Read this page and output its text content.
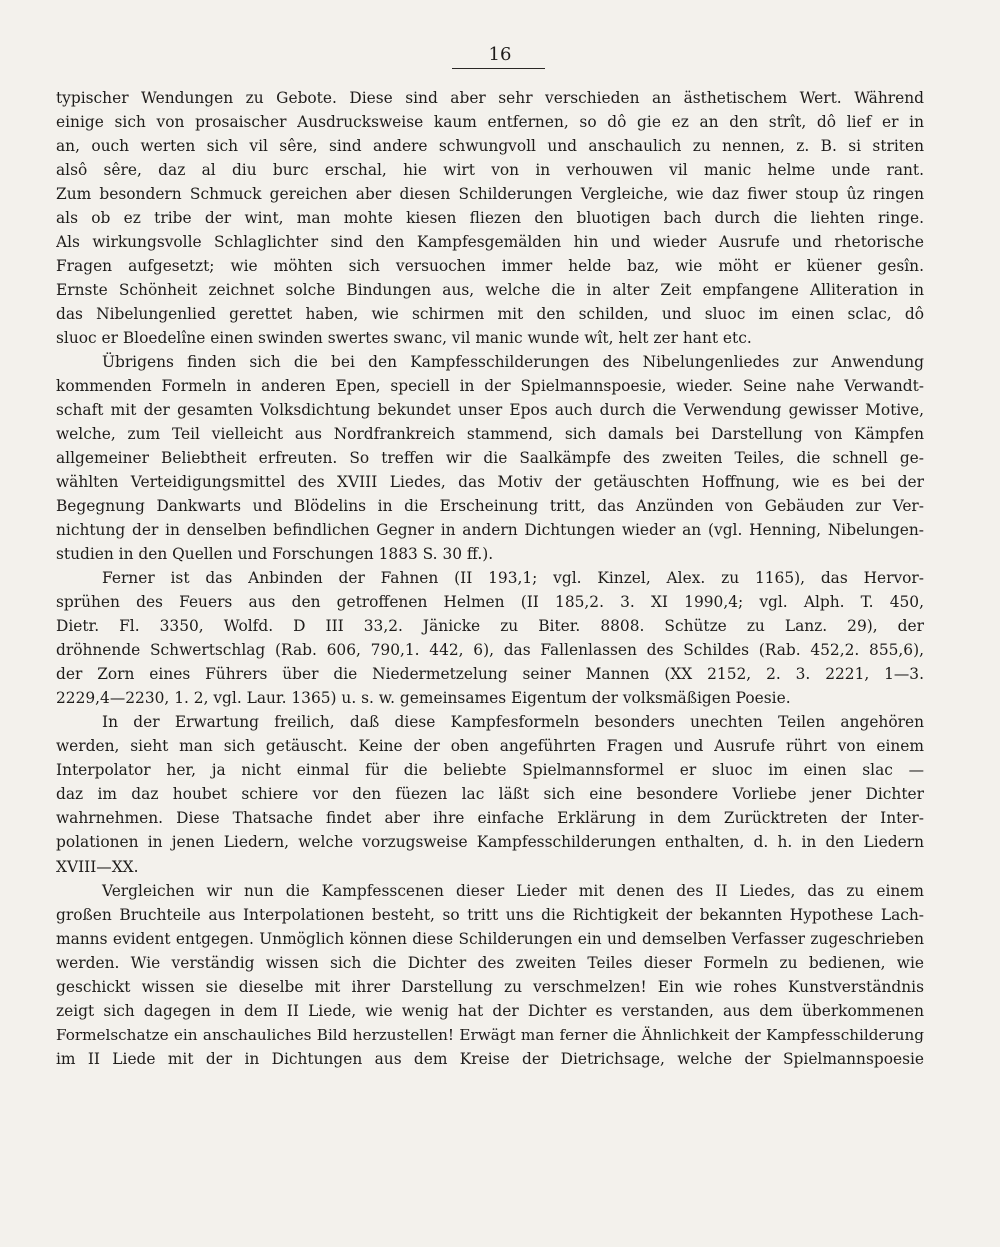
16
typischer Wendungen zu Gebote. Diese sind aber sehr verschieden an ästhetischem Wert. Während
einige sich von prosaischer Ausdrucksweise kaum entfernen, so dô gie ez an den strît, dô lief er in
an, ouch werten sich vil sêre, sind andere schwungvoll und anschaulich zu nennen, z. B. si striten
alsô sêre, daz al diu burc erschal, hie wirt von in verhouwen vil manic helme unde rant.
Zum besondern Schmuck gereichen aber diesen Schilderungen Vergleiche, wie daz fiwer stoup ûz ringen
als ob ez tribe der wint, man mohte kiesen fliezen den bluotigen bach durch die liehten ringe.
Als wirkungsvolle Schlaglichter sind den Kampfesgemälden hin und wieder Ausrufe und rhetorische
Fragen aufgesetzt; wie möhten sich versuochen immer helde baz, wie möht er küener gesîn.
Ernste Schönheit zeichnet solche Bindungen aus, welche die in alter Zeit empfangene Alliteration in
das Nibelungenlied gerettet haben, wie schirmen mit den schilden, und sluoc im einen sclac, dô
sluoc er Bloedelîne einen swinden swertes swanc, vil manic wunde wît, helt zer hant etc.
Übrigens finden sich die bei den Kampfesschilderungen des Nibelungenliedes zur Anwendung
kommenden Formeln in anderen Epen, speciell in der Spielmannspoesie, wieder. Seine nahe Verwandt-
schaft mit der gesamten Volksdichtung bekundet unser Epos auch durch die Verwendung gewisser Motive,
welche, zum Teil vielleicht aus Nordfrankreich stammend, sich damals bei Darstellung von Kämpfen
allgemeiner Beliebtheit erfreuten. So treffen wir die Saalkämpfe des zweiten Teiles, die schnell ge-
wählten Verteidigungsmittel des XVIII Liedes, das Motiv der getäuschten Hoffnung, wie es bei der
Begegnung Dankwarts und Blödelins in die Erscheinung tritt, das Anzünden von Gebäuden zur Ver-
nichtung der in denselben befindlichen Gegner in andern Dichtungen wieder an (vgl. Henning, Nibelungen-
studien in den Quellen und Forschungen 1883 S. 30 ff.).
Ferner ist das Anbinden der Fahnen (II 193,1; vgl. Kinzel, Alex. zu 1165), das Hervor-
sprühen des Feuers aus den getroffenen Helmen (II 185,2. 3. XI 1990,4; vgl. Alph. T. 450,
Dietr. Fl. 3350, Wolfd. D III 33,2. Jänicke zu Biter. 8808. Schütze zu Lanz. 29), der
dröhnende Schwertschlag (Rab. 606, 790,1. 442, 6), das Fallenlassen des Schildes (Rab. 452,2. 855,6),
der Zorn eines Führers über die Niedermetzelung seiner Mannen (XX 2152, 2. 3. 2221, 1—3.
2229,4—2230, 1. 2, vgl. Laur. 1365) u. s. w. gemeinsames Eigentum der volksmäßigen Poesie.
In der Erwartung freilich, daß diese Kampfesformeln besonders unechten Teilen angehören
werden, sieht man sich getäuscht. Keine der oben angeführten Fragen und Ausrufe rührt von einem
Interpolator her, ja nicht einmal für die beliebte Spielmannsformel er sluoc im einen slac —
daz im daz houbet schiere vor den füezen lac läßt sich eine besondere Vorliebe jener Dichter
wahrnehmen. Diese Thatsache findet aber ihre einfache Erklärung in dem Zurücktreten der Inter-
polationen in jenen Liedern, welche vorzugsweise Kampfesschilderungen enthalten, d. h. in den Liedern
XVIII—XX.
Vergleichen wir nun die Kampfesscenen dieser Lieder mit denen des II Liedes, das zu einem
großen Bruchteile aus Interpolationen besteht, so tritt uns die Richtigkeit der bekannten Hypothese Lach-
manns evident entgegen. Unmöglich können diese Schilderungen ein und demselben Verfasser zugeschrieben
werden. Wie verständig wissen sich die Dichter des zweiten Teiles dieser Formeln zu bedienen, wie
geschickt wissen sie dieselbe mit ihrer Darstellung zu verschmelzen! Ein wie rohes Kunstverständnis
zeigt sich dagegen in dem II Liede, wie wenig hat der Dichter es verstanden, aus dem überkommenen
Formelschatze ein anschauliches Bild herzustellen! Erwägt man ferner die Ähnlichkeit der Kampfesschilderung
im II Liede mit der in Dichtungen aus dem Kreise der Dietrichsage, welche der Spielmannspoesie
